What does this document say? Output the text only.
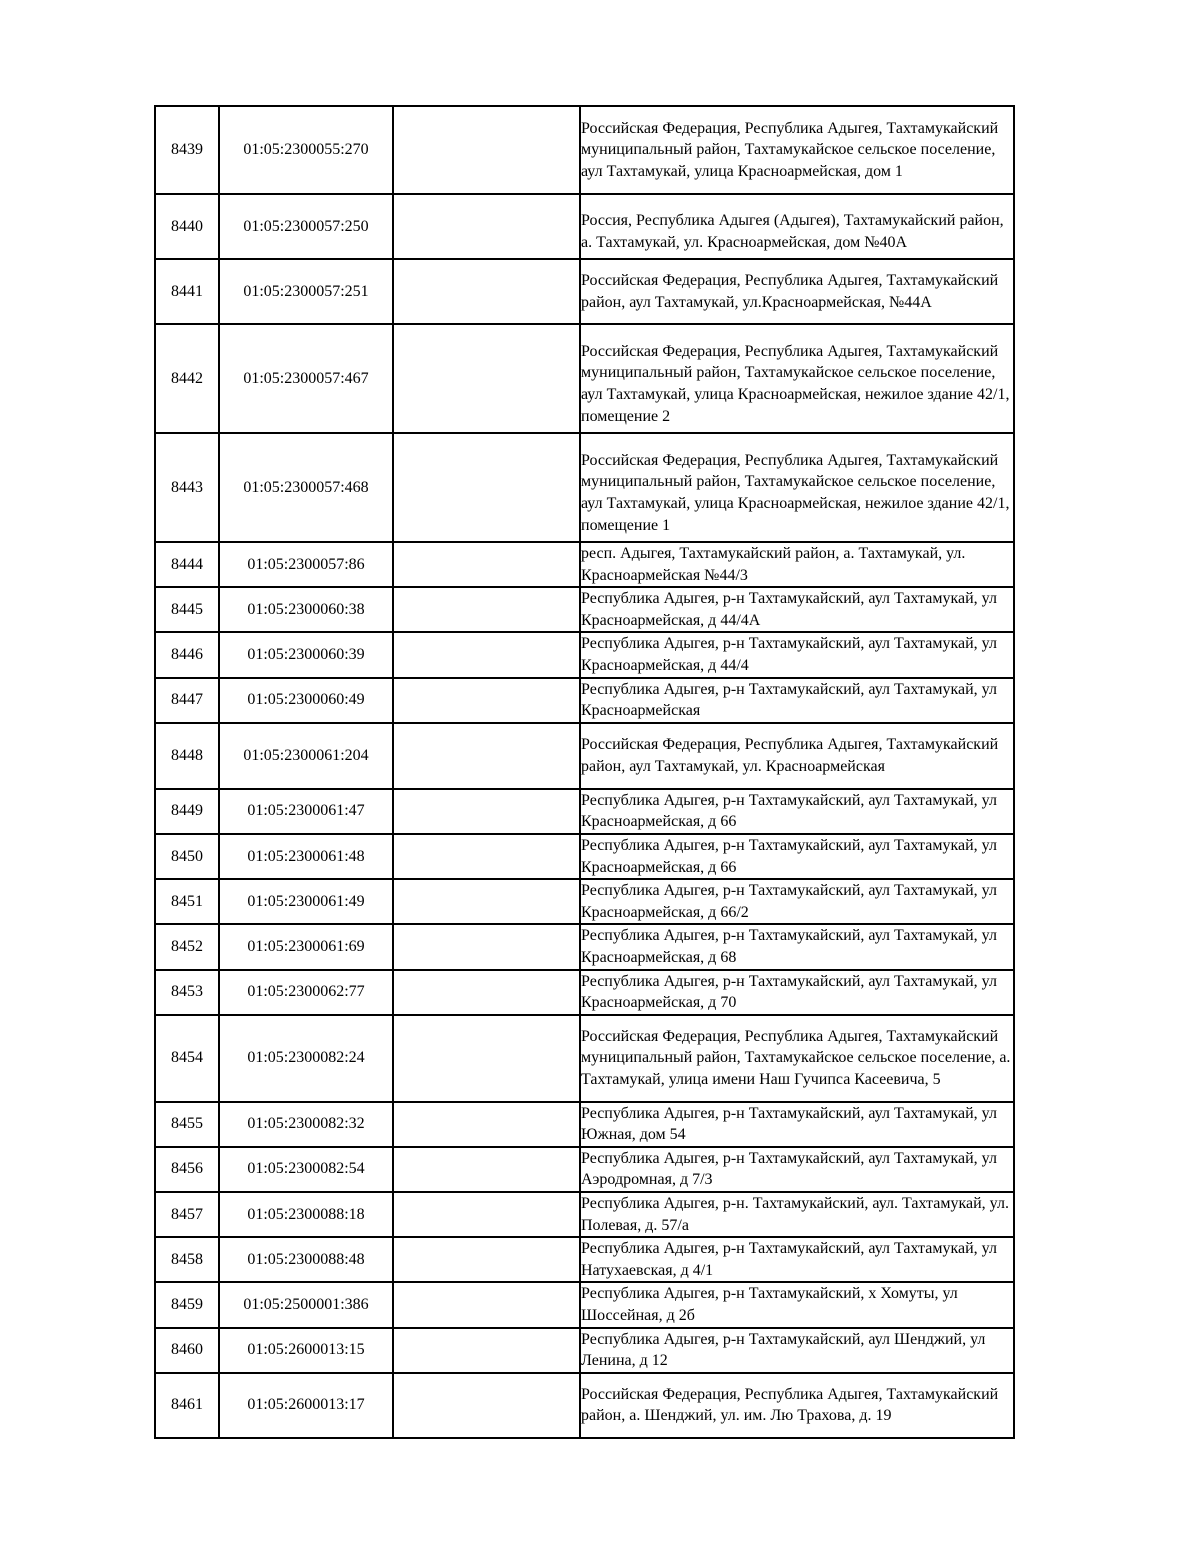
8439	01:05:2300055:270		Российская Федерация, Республика Адыгея, Тахтамукайский муниципальный район, Тахтамукайское сельское поселение, аул Тахтамукай, улица Красноармейская, дом 1
8440	01:05:2300057:250		Россия, Республика Адыгея (Адыгея), Тахтамукайский район, а. Тахтамукай, ул. Красноармейская, дом №40А
8441	01:05:2300057:251		Российская Федерация, Республика Адыгея, Тахтамукайский район, аул Тахтамукай, ул.Красноармейская, №44А
8442	01:05:2300057:467		Российская Федерация, Республика Адыгея, Тахтамукайский муниципальный район, Тахтамукайское сельское поселение, аул Тахтамукай, улица Красноармейская, нежилое здание 42/1, помещение 2
8443	01:05:2300057:468		Российская Федерация, Республика Адыгея, Тахтамукайский муниципальный район, Тахтамукайское сельское поселение, аул Тахтамукай, улица Красноармейская, нежилое здание 42/1, помещение 1
8444	01:05:2300057:86		респ. Адыгея, Тахтамукайский район, а. Тахтамукай, ул. Красноармейская №44/3
8445	01:05:2300060:38		Республика Адыгея, р-н Тахтамукайский, аул Тахтамукай, ул Красноармейская, д 44/4А
8446	01:05:2300060:39		Республика Адыгея, р-н Тахтамукайский, аул Тахтамукай, ул Красноармейская, д 44/4
8447	01:05:2300060:49		Республика Адыгея, р-н Тахтамукайский, аул Тахтамукай, ул Красноармейская
8448	01:05:2300061:204		Российская Федерация, Республика Адыгея, Тахтамукайский район, аул Тахтамукай, ул. Красноармейская
8449	01:05:2300061:47		Республика Адыгея, р-н Тахтамукайский, аул Тахтамукай, ул Красноармейская, д 66
8450	01:05:2300061:48		Республика Адыгея, р-н Тахтамукайский, аул Тахтамукай, ул Красноармейская, д 66
8451	01:05:2300061:49		Республика Адыгея, р-н Тахтамукайский, аул Тахтамукай, ул Красноармейская, д 66/2
8452	01:05:2300061:69		Республика Адыгея, р-н Тахтамукайский, аул Тахтамукай, ул Красноармейская, д 68
8453	01:05:2300062:77		Республика Адыгея, р-н Тахтамукайский, аул Тахтамукай, ул Красноармейская, д 70
8454	01:05:2300082:24		Российская Федерация, Республика Адыгея, Тахтамукайский муниципальный район, Тахтамукайское сельское поселение, а. Тахтамукай, улица имени Наш Гучипса Касеевича, 5
8455	01:05:2300082:32		Республика Адыгея, р-н Тахтамукайский, аул Тахтамукай, ул Южная, дом 54
8456	01:05:2300082:54		Республика Адыгея, р-н Тахтамукайский, аул Тахтамукай, ул Аэродромная, д 7/3
8457	01:05:2300088:18		Республика Адыгея, р-н. Тахтамукайский, аул. Тахтамукай, ул. Полевая, д. 57/а
8458	01:05:2300088:48		Республика Адыгея, р-н Тахтамукайский, аул Тахтамукай, ул Натухаевская, д 4/1
8459	01:05:2500001:386		Республика Адыгея, р-н Тахтамукайский, х Хомуты, ул Шоссейная, д 2б
8460	01:05:2600013:15		Республика Адыгея, р-н Тахтамукайский, аул Шенджий, ул Ленина, д 12
8461	01:05:2600013:17		Российская Федерация, Республика Адыгея, Тахтамукайский район, а. Шенджий, ул. им. Лю Трахова, д. 19
